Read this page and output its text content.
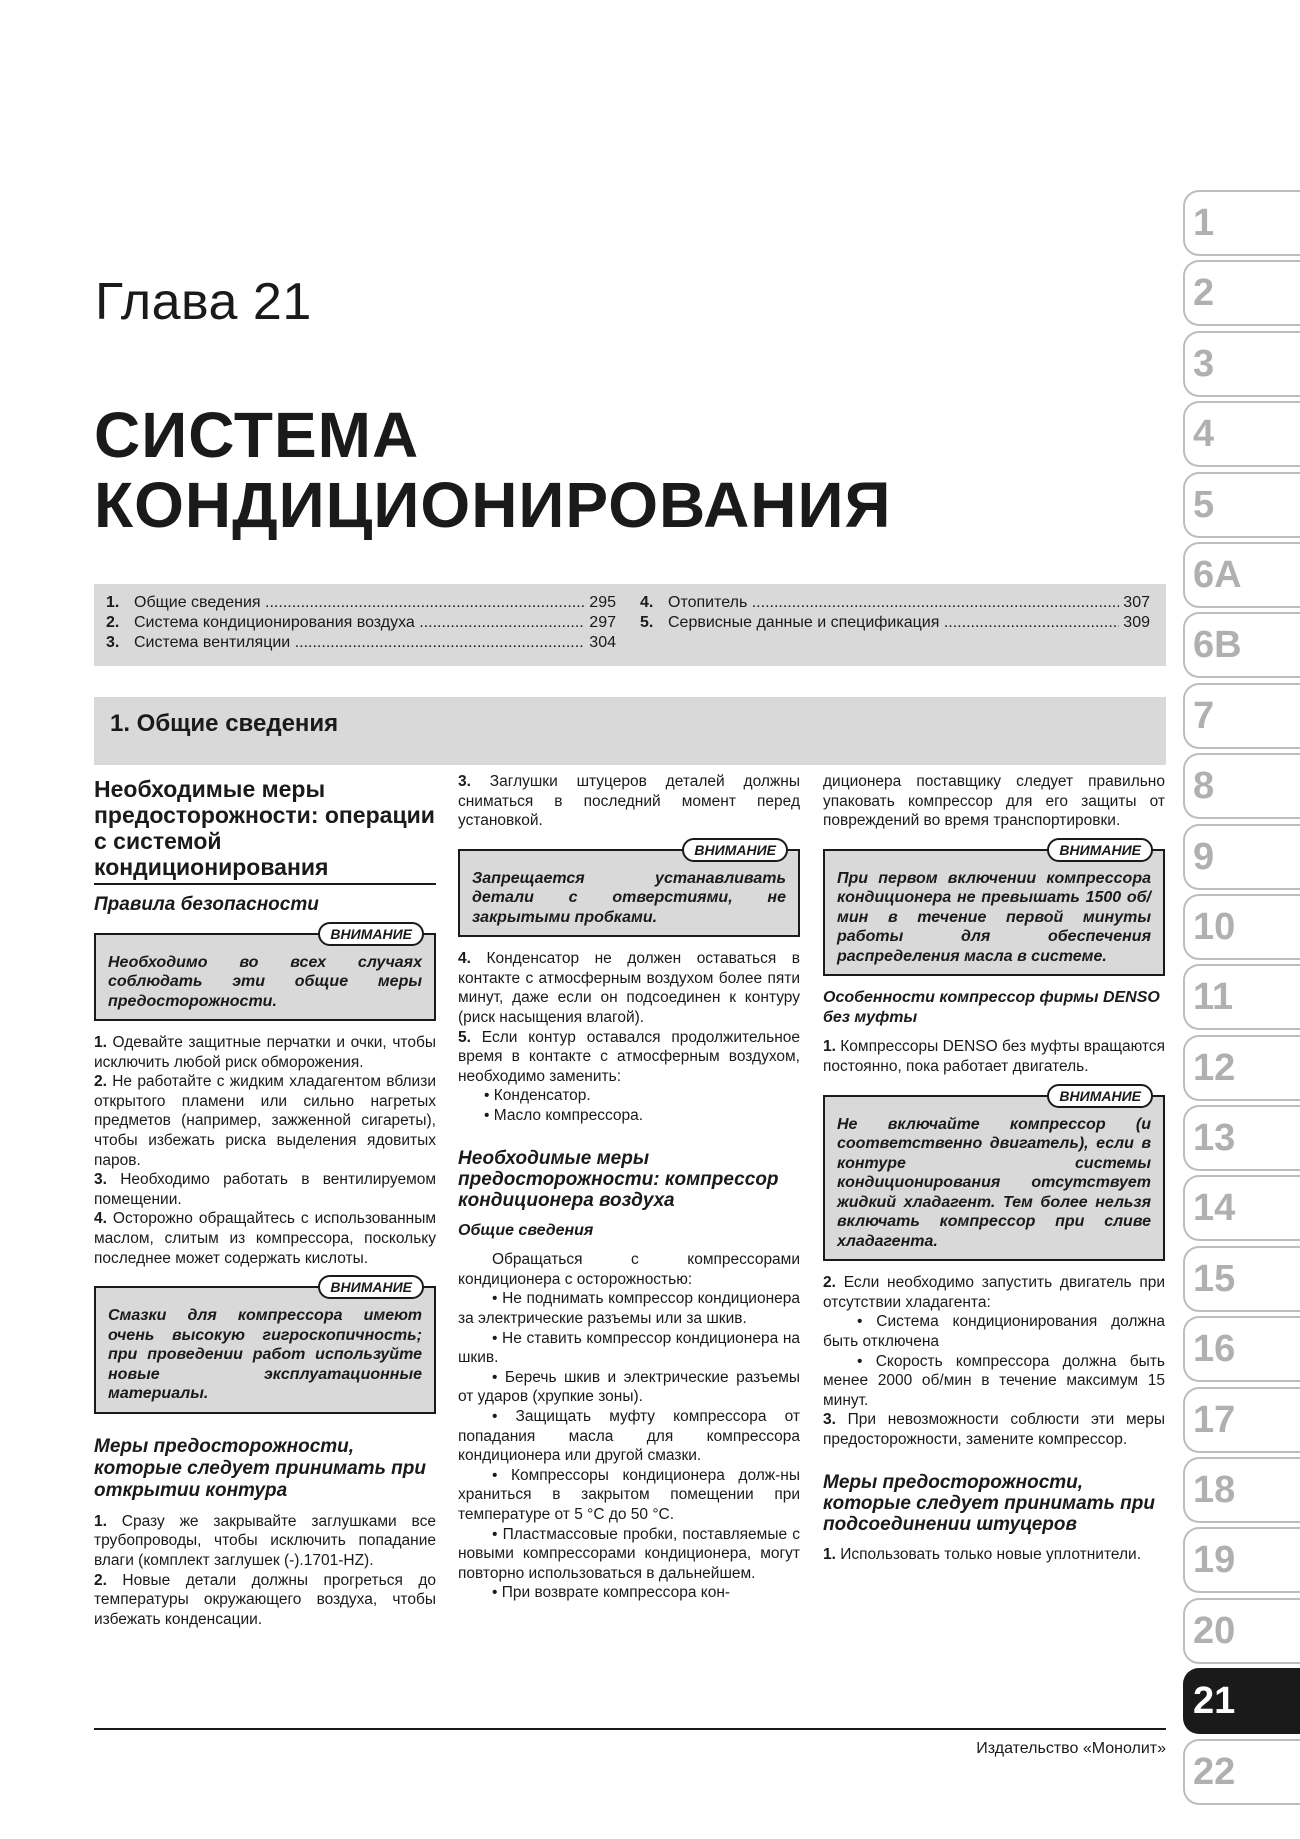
Глава 21
СИСТЕМА
КОНДИЦИОНИРОВАНИЯ
1. Общие сведения .....	295
2. Система кондиционирования воздуха .....	297
3. Система вентиляции .....	304
4. Отопитель .....	307
5. Сервисные данные и спецификация .....	309
1. Общие сведения
Необходимые меры предосторожности: операции с системой кондиционирования
Правила безопасности
ВНИМАНИЕ
Необходимо во всех случаях соблюдать эти общие меры предосторожности.

1. Одевайте защитные перчатки и очки, чтобы исключить любой риск обморожения.

2. Не работайте с жидким хладагентом вблизи открытого пламени или сильно нагретых предметов (например, зажженной сигареты), чтобы избежать риска выделения ядовитых паров.

3. Необходимо работать в вентилируемом помещении.

4. Осторожно обращайтесь с использованным маслом, слитым из компрессора, поскольку последнее может содержать кислоты.

ВНИМАНИЕ
Смазки для компрессора имеют очень высокую гигроскопичность; при проведении работ используйте новые эксплуатационные материалы.
Меры предосторожности, которые следует принимать при открытии контура

1. Сразу же закрывайте заглушками все трубопроводы, чтобы исключить попадание влаги (комплект заглушек (-).1701-HZ).

2. Новые детали должны прогреться до температуры окружающего воздуха, чтобы избежать конденсации.

3. Заглушки штуцеров деталей должны сниматься в последний момент перед установкой.

ВНИМАНИЕ
Запрещается устанавливать детали с отверстиями, не закрытыми пробками.

4. Конденсатор не должен оставаться в контакте с атмосферным воздухом более пяти минут, даже если он подсоединен к контуру (риск насыщения влагой).

5. Если контур оставался продолжительное время в контакте с атмосферным воздухом, необходимо заменить:

• Конденсатор.

• Масло компрессора.

Необходимые меры предосторожности: компрессор кондиционера воздуха
Общие сведения

Обращаться с компрессорами кондиционера с осторожностью:

• Не поднимать компрессор кондиционера за электрические разъемы или за шкив.

• Не ставить компрессор кондиционера на шкив.

• Беречь шкив и электрические разъемы от ударов (хрупкие зоны).

• Защищать муфту компрессора от попадания масла для компрессора кондиционера или другой смазки.

• Компрессоры кондиционера долж-ны храниться в закрытом помещении при температуре от 5 °С до 50 °С.

• Пластмассовые пробки, поставляемые с новыми компрессорами кондиционера, могут повторно использоваться в дальнейшем.

• При возврате компрессора кон-

диционера поставщику следует правильно упаковать компрессор для его защиты от повреждений во время транспортировки.

ВНИМАНИЕ
При первом включении компрессора кондиционера не превышать 1500 об/мин в течение первой минуты работы для обеспечения распределения масла в системе.
Особенности компрессор фирмы DENSO без муфты

1. Компрессоры DENSO без муфты вращаются постоянно, пока работает двигатель.

ВНИМАНИЕ
Не включайте компрессор (и соответственно двигатель), если в контуре системы кондиционирования отсутствует жидкий хладагент. Тем более нельзя включать компрессор при сливе хладагента.

2. Если необходимо запустить двигатель при отсутствии хладагента:

• Система кондиционирования должна быть отключена

• Скорость компрессора должна быть менее 2000 об/мин в течение максимум 15 минут.

3. При невозможности соблюсти эти меры предосторожности, замените компрессор.

Меры предосторожности, которые следует принимать при подсоединении штуцеров

1. Использовать только новые уплотнители.

Издательство «Монолит»
1
2
3
4
5
6A
6B
7
8
9
10
11
12
13
14
15
16
17
18
19
20
21
22
